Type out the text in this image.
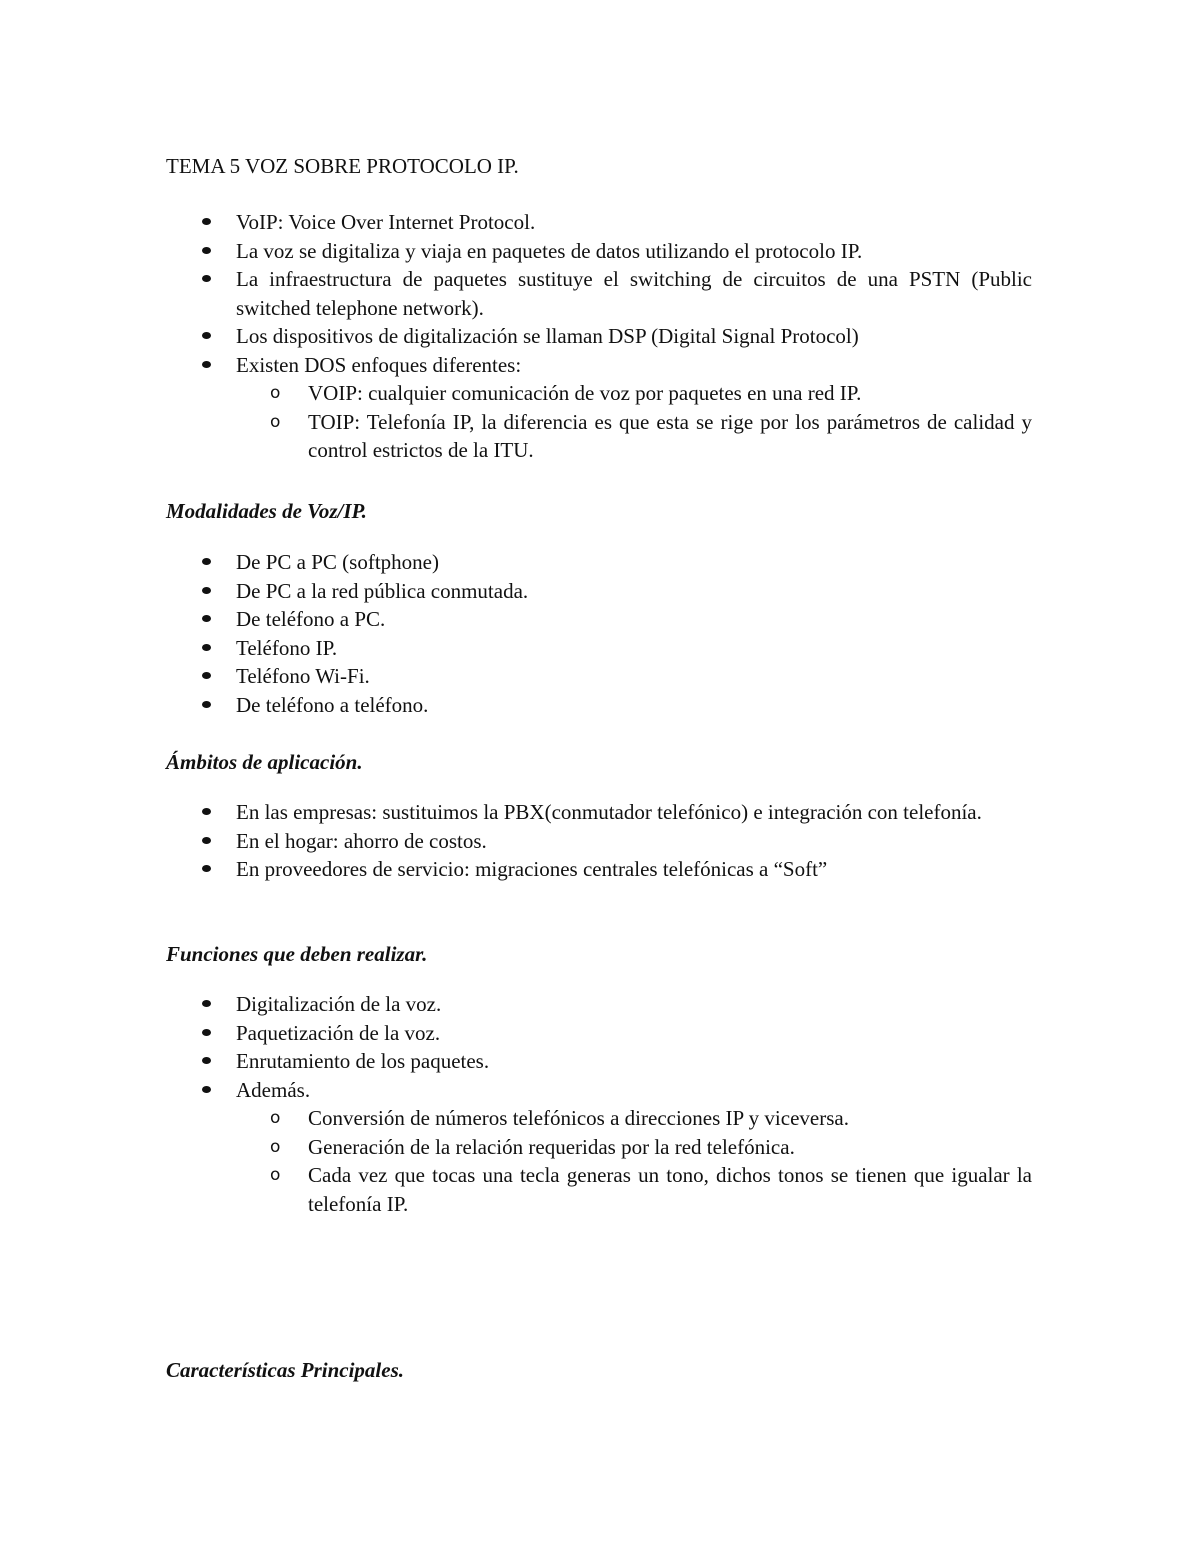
TEMA 5 VOZ SOBRE PROTOCOLO IP.
VoIP: Voice Over Internet Protocol.
La voz se digitaliza y viaja en paquetes de datos utilizando el protocolo IP.
La infraestructura de paquetes sustituye el switching de circuitos de una PSTN (Public switched telephone network).
Los dispositivos de digitalización se llaman DSP (Digital Signal Protocol)
Existen DOS enfoques diferentes:
o VOIP: cualquier comunicación de voz por paquetes en una red IP.
o TOIP: Telefonía IP, la diferencia es que esta se rige por los parámetros de calidad y control estrictos de la ITU.
Modalidades de Voz/IP.
De PC a PC (softphone)
De PC a la red pública conmutada.
De teléfono a PC.
Teléfono IP.
Teléfono Wi-Fi.
De teléfono a teléfono.
Ámbitos de aplicación.
En las empresas: sustituimos la PBX(conmutador telefónico) e integración con telefonía.
En el hogar: ahorro de costos.
En proveedores de servicio: migraciones centrales telefónicas a “Soft”
Funciones que deben realizar.
Digitalización de la voz.
Paquetización de la voz.
Enrutamiento de los paquetes.
Además.
o Conversión de números telefónicos a direcciones IP y viceversa.
o Generación de la relación requeridas por la red telefónica.
o Cada vez que tocas una tecla generas un tono, dichos tonos se tienen que igualar la telefonía IP.
Características Principales.
